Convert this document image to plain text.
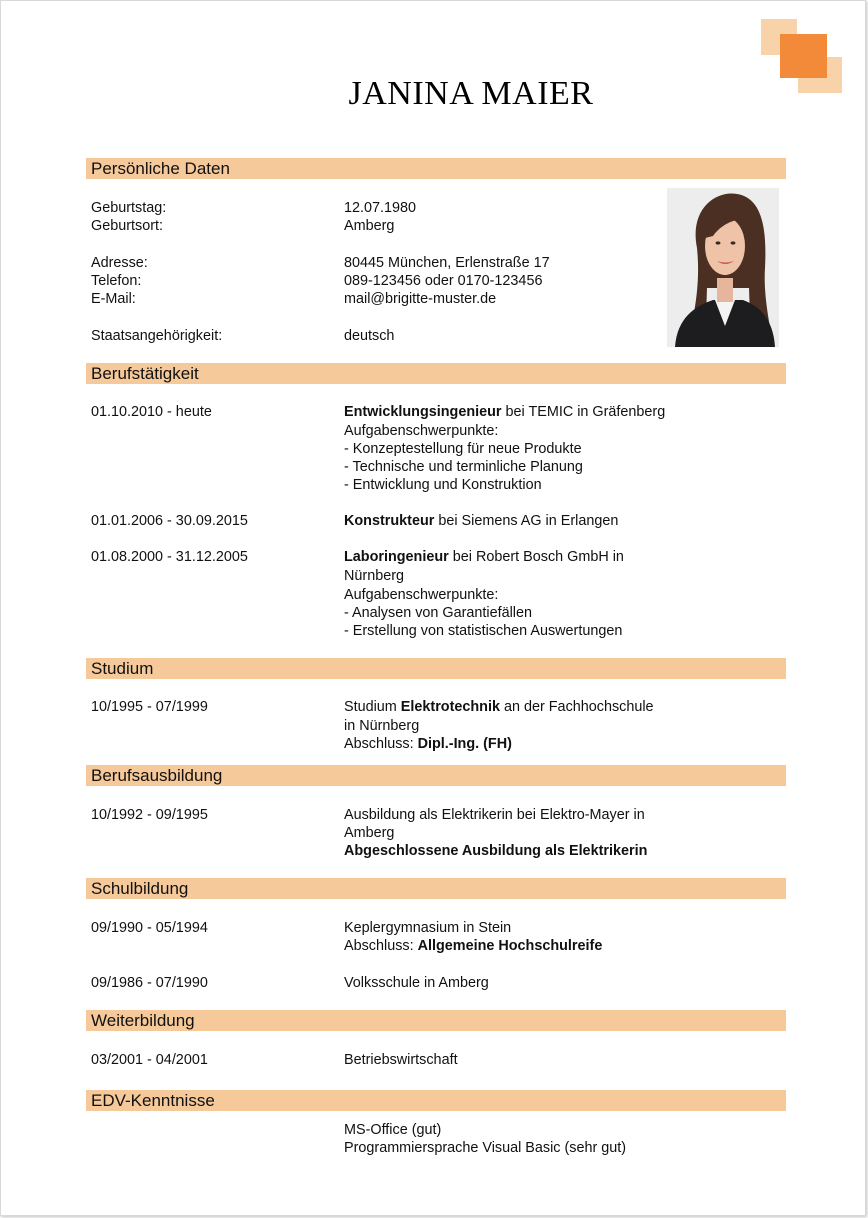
JANINA MAIER
Persönliche Daten
Geburtstag:	12.07.1980
Geburtsort:	Amberg
Adresse:	80445 München, Erlenstraße 17
Telefon:	089-123456 oder 0170-123456
E-Mail:	mail@brigitte-muster.de
Staatsangehörigkeit:	deutsch
Berufstätigkeit
01.10.2010 - heute	Entwicklungsingenieur bei TEMIC in Gräfenberg
Aufgabenschwerpunkte:
- Konzeptestellung für neue Produkte
- Technische und terminliche Planung
- Entwicklung und Konstruktion
01.01.2006 - 30.09.2015	Konstrukteur bei Siemens AG in Erlangen
01.08.2000 - 31.12.2005	Laboringenieur bei Robert Bosch GmbH in
Nürnberg
Aufgabenschwerpunkte:
- Analysen von Garantiefällen
- Erstellung von statistischen Auswertungen
Studium
10/1995 - 07/1999	Studium Elektrotechnik an der Fachhochschule
in Nürnberg
Abschluss: Dipl.-Ing. (FH)
Berufsausbildung
10/1992 - 09/1995	Ausbildung als Elektrikerin bei Elektro-Mayer in
Amberg
Abgeschlossene Ausbildung als Elektrikerin
Schulbildung
09/1990 - 05/1994	Keplergymnasium in Stein
Abschluss: Allgemeine Hochschulreife
09/1986 - 07/1990	Volksschule in Amberg
Weiterbildung
03/2001 - 04/2001	Betriebswirtschaft
EDV-Kenntnisse
MS-Office (gut)
Programmiersprache Visual Basic (sehr gut)
